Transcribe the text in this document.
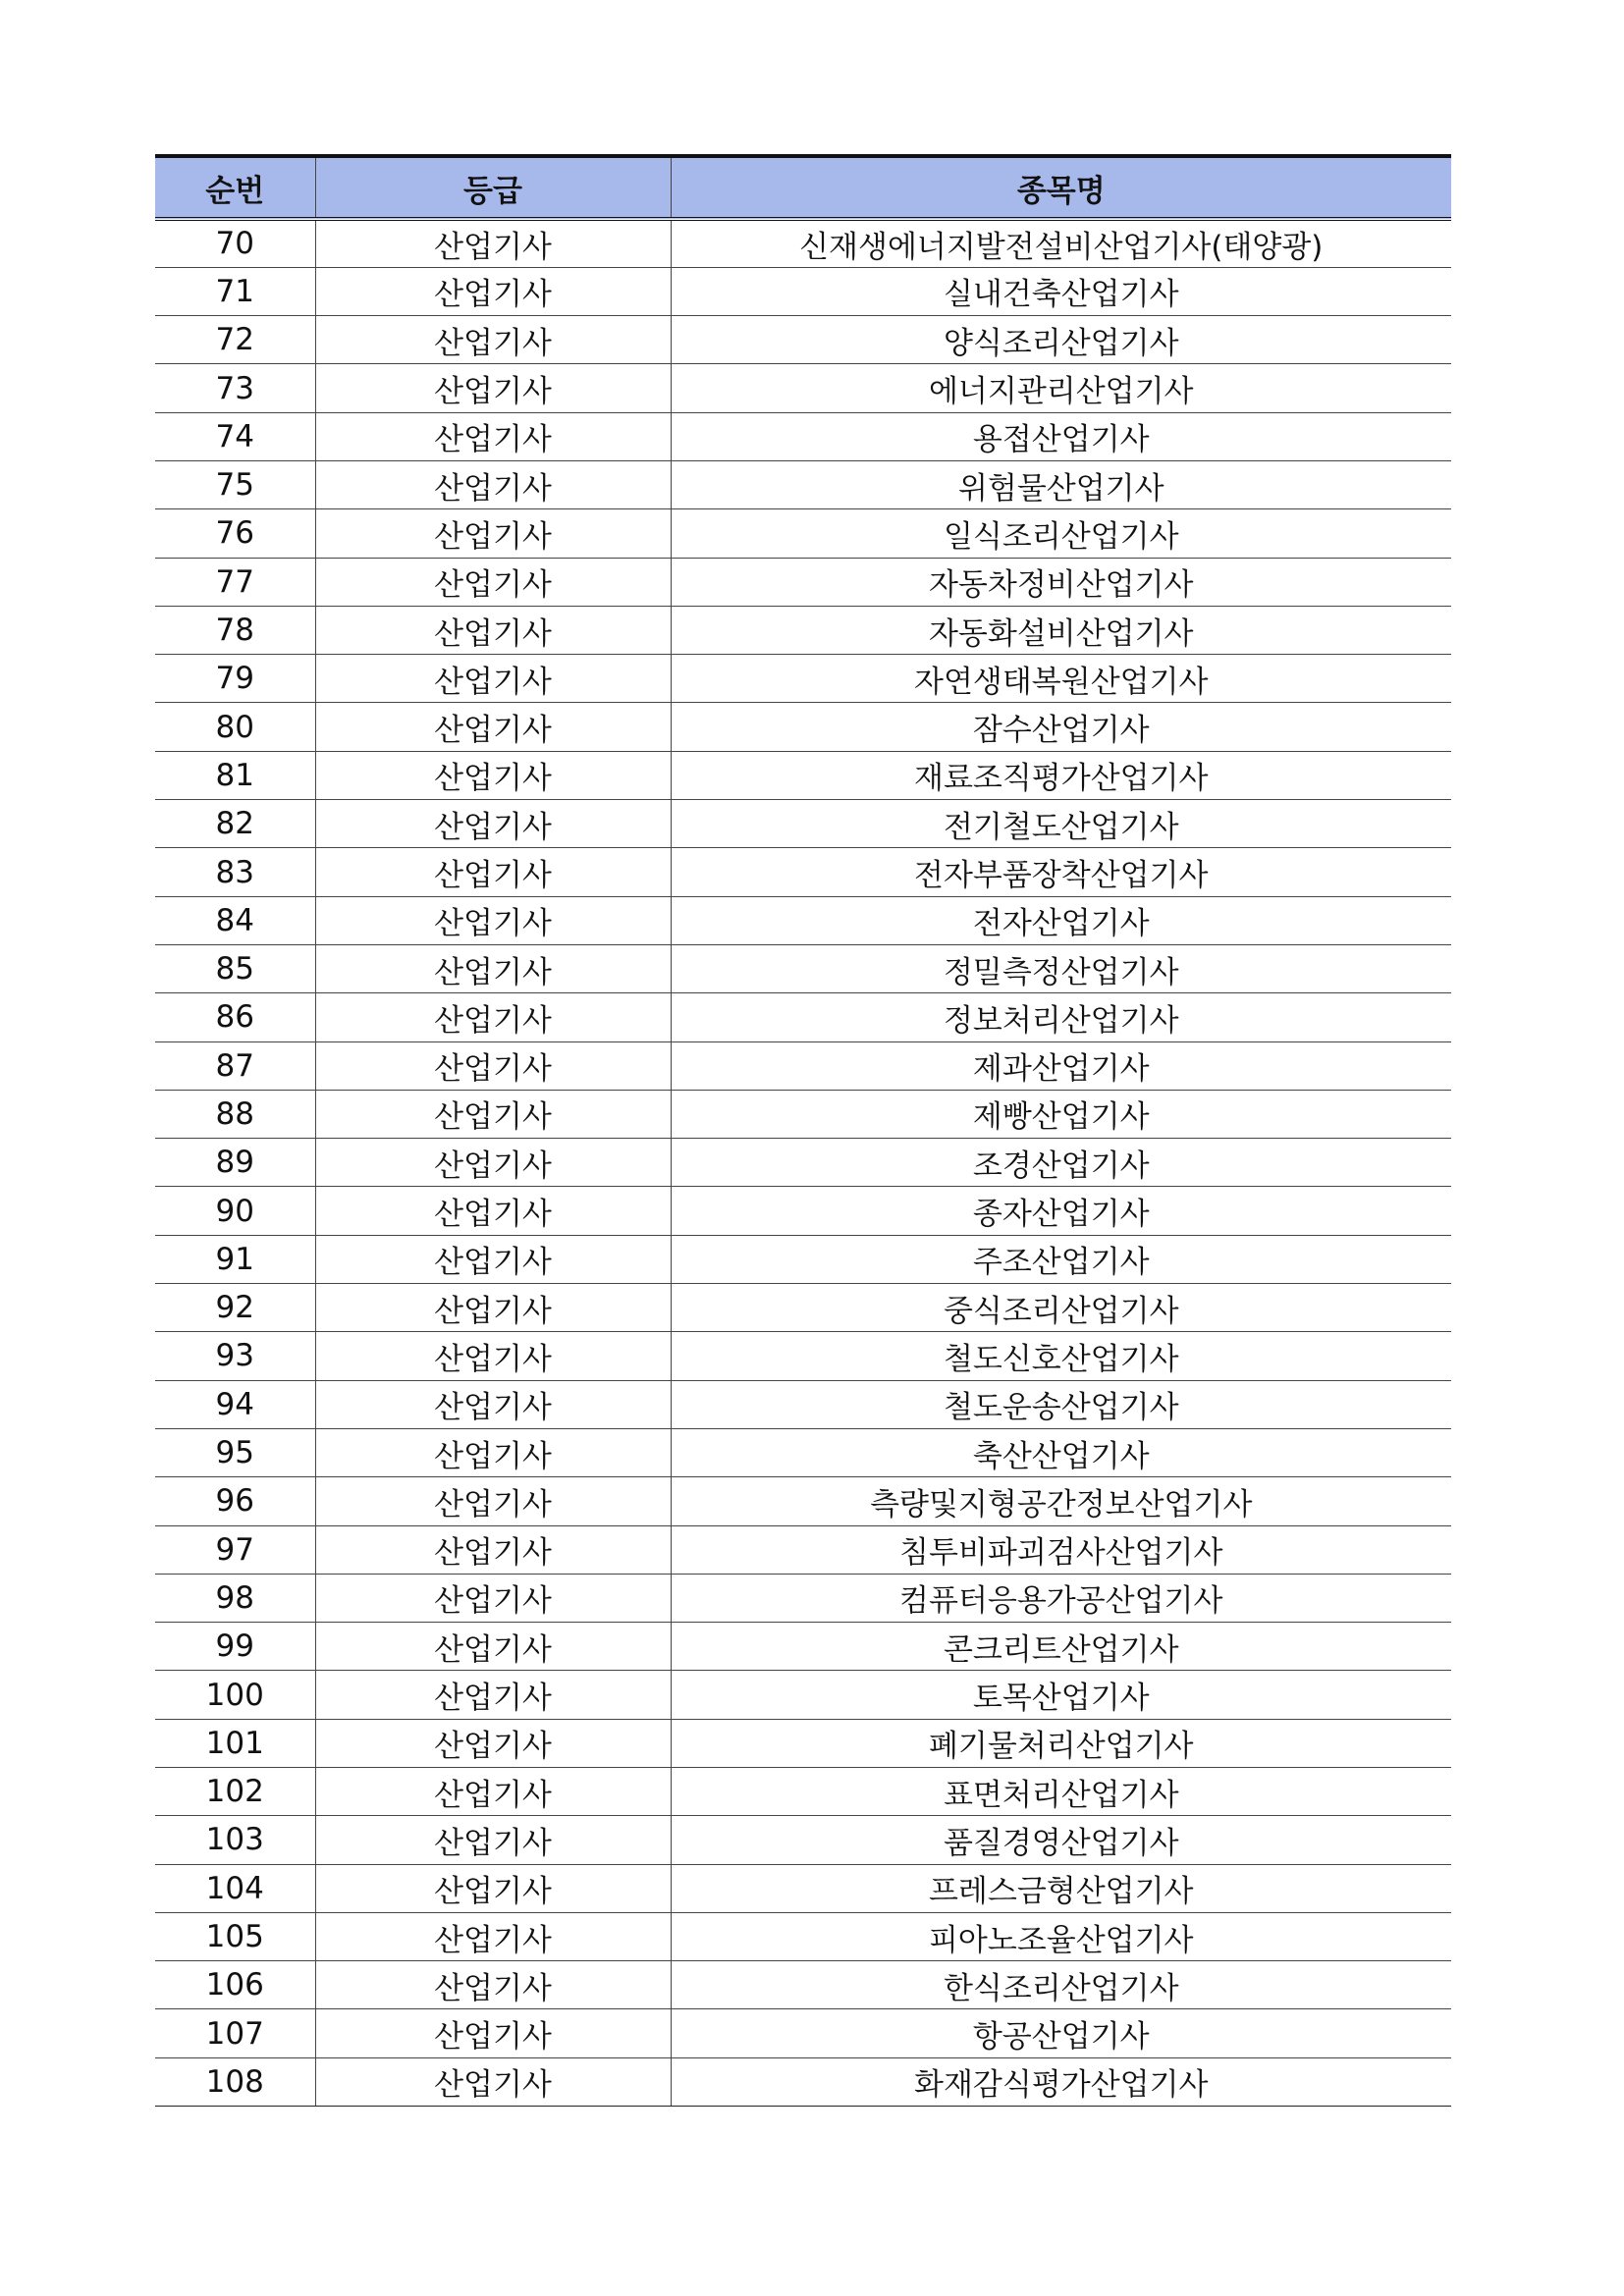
순번	등급	종목명
70	산업기사	신재생에너지발전설비산업기사(태양광)
71	산업기사	실내건축산업기사
72	산업기사	양식조리산업기사
73	산업기사	에너지관리산업기사
74	산업기사	용접산업기사
75	산업기사	위험물산업기사
76	산업기사	일식조리산업기사
77	산업기사	자동차정비산업기사
78	산업기사	자동화설비산업기사
79	산업기사	자연생태복원산업기사
80	산업기사	잠수산업기사
81	산업기사	재료조직평가산업기사
82	산업기사	전기철도산업기사
83	산업기사	전자부품장착산업기사
84	산업기사	전자산업기사
85	산업기사	정밀측정산업기사
86	산업기사	정보처리산업기사
87	산업기사	제과산업기사
88	산업기사	제빵산업기사
89	산업기사	조경산업기사
90	산업기사	종자산업기사
91	산업기사	주조산업기사
92	산업기사	중식조리산업기사
93	산업기사	철도신호산업기사
94	산업기사	철도운송산업기사
95	산업기사	축산산업기사
96	산업기사	측량및지형공간정보산업기사
97	산업기사	침투비파괴검사산업기사
98	산업기사	컴퓨터응용가공산업기사
99	산업기사	콘크리트산업기사
100	산업기사	토목산업기사
101	산업기사	폐기물처리산업기사
102	산업기사	표면처리산업기사
103	산업기사	품질경영산업기사
104	산업기사	프레스금형산업기사
105	산업기사	피아노조율산업기사
106	산업기사	한식조리산업기사
107	산업기사	항공산업기사
108	산업기사	화재감식평가산업기사
